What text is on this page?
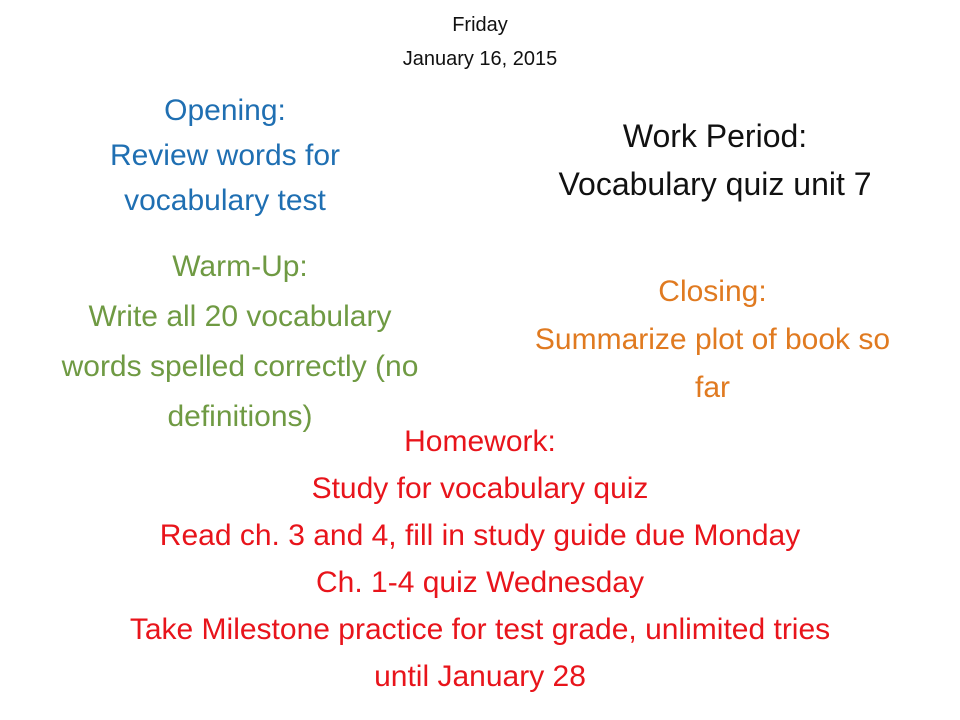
Friday
January 16, 2015
Opening:
Review words for
vocabulary test
Work Period:
Vocabulary quiz unit 7
Warm-Up:
Write all 20 vocabulary
words spelled correctly (no
definitions)
Closing:
Summarize plot of book so
far
Homework:
Study for vocabulary quiz
Read ch. 3 and 4, fill in study guide due Monday
Ch. 1-4 quiz Wednesday
Take Milestone practice for test grade, unlimited tries
until January 28
